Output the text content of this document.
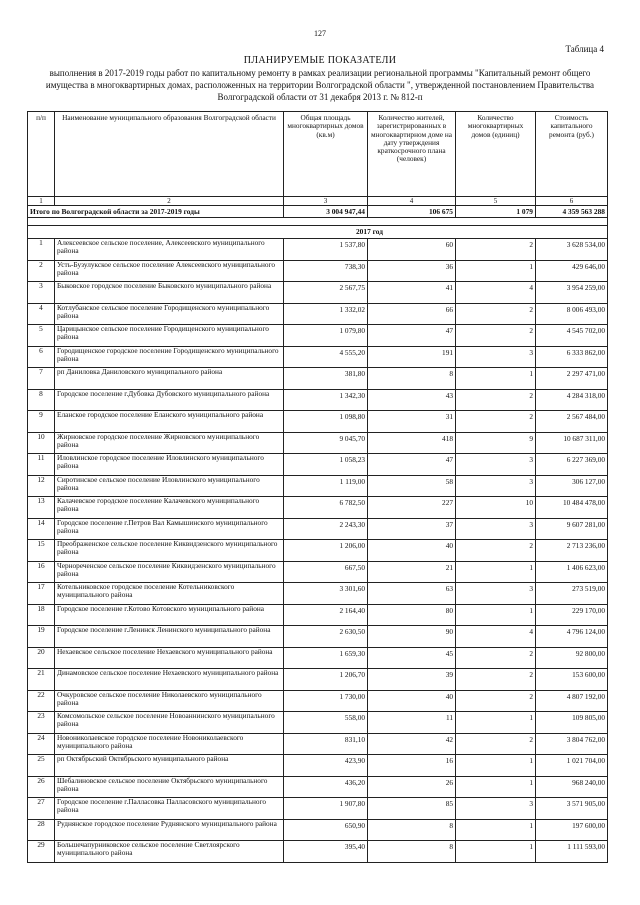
127
Таблица 4
ПЛАНИРУЕМЫЕ ПОКАЗАТЕЛИ
выполнения в 2017-2019 годы работ по капитальному ремонту в рамках реализации региональной программы "Капитальный ремонт общего имущества в многоквартирных домах, расположенных на территории Волгоградской области ", утвержденной постановлением Правительства Волгоградской области от 31 декабря 2013 г. № 812-п
п/п	Наименование муниципального образования Волгоградской области	Общая площадь многоквартирных домов (кв.м)	Количество жителей, зарегистрированных в многоквартирном доме на дату утверждения краткосрочного плана (человек)	Количество многоквартирных домов (единиц)	Стоимость капитального ремонта (руб.)
1	2	3	4	5	6
Итого по Волгоградской области за 2017-2019 годы		3 004 947,44	106 675	1 079	4 359 563 288

		2017 год			
1	Алексеевское сельское поселение, Алексеевского муниципального района	1 537,80	60	2	3 628 534,00
2	Усть-Бузулукское сельское поселение Алексеевского муниципального района	738,30	36	1	429 646,00
3	Быковское городское поселение Быковского муниципального района	2 567,75	41	4	3 954 259,00
4	Котлубанское сельское поселение Городищенского муниципального района	1 332,02	66	2	8 006 493,00
5	Царицынское сельское поселение Городищенского муниципального района	1 079,80	47	2	4 545 702,00
6	Городищенское городское поселение Городищенского муниципального района	4 555,20	191	3	6 333 862,00
7	рп Даниловка Даниловского муниципального района	381,80	8	1	2 297 471,00
8	Городское поселение г.Дубовка Дубовского муниципального района	1 342,30	43	2	4 284 318,00
9	Еланское городское поселение Еланского муниципального района	1 098,80	31	2	2 567 484,00
10	Жирновское городское поселение Жирновского муниципального района	9 045,70	418	9	10 687 311,00
11	Иловлинское городское поселение Иловлинского муниципального района	1 058,23	47	3	6 227 369,00
12	Сиротинское сельское поселение Иловлинского муниципального района	1 119,00	58	3	306 127,00
13	Калачевское городское поселение Калачевского муниципального района	6 782,50	227	10	10 484 478,00
14	Городское поселение г.Петров Вал Камышинского муниципального района	2 243,30	37	3	9 607 281,00
15	Преображенское сельское поселение Киквидзенского муниципального района	1 206,00	40	2	2 713 236,00
16	Чернореченское сельское поселение Киквидзенского муниципального района	667,50	21	1	1 406 623,00
17	Котельниковское городское поселение Котельниковского муниципального района	3 301,60	63	3	273 519,00
18	Городское поселение г.Котово Котовского муниципального района	2 164,40	80	1	229 170,00
19	Городское поселение г.Ленинск Ленинского муниципального района	2 630,50	90	4	4 796 124,00
20	Нехаевское сельское поселение Нехаевского муниципального района	1 659,30	45	2	92 800,00
21	Динамовское сельское поселение Нехаевского муниципального района	1 206,70	39	2	153 600,00
22	Очкуровское сельское поселение Николаевского муниципального района	1 730,00	40	2	4 807 192,00
23	Комсомольское сельское поселение Новоаннинского муниципального района	558,00	11	1	109 805,00
24	Новониколаевское городское поселение Новониколаевского муниципального района	831,10	42	2	3 804 762,00
25	рп Октябрьский Октябрьского муниципального района	423,90	16	1	1 021 704,00
26	Шебалиновское сельское поселение Октябрьского муниципального района	436,20	26	1	968 240,00
27	Городское поселение г.Палласовка Палласовского муниципального района	1 907,80	85	3	3 571 905,00
28	Руднянское городское поселение Руднянского муниципального района	650,90	8	1	197 600,00
29	Большечапурниковское сельское поселение Светлоярского муниципального района	395,40	8	1	1 111 593,00
